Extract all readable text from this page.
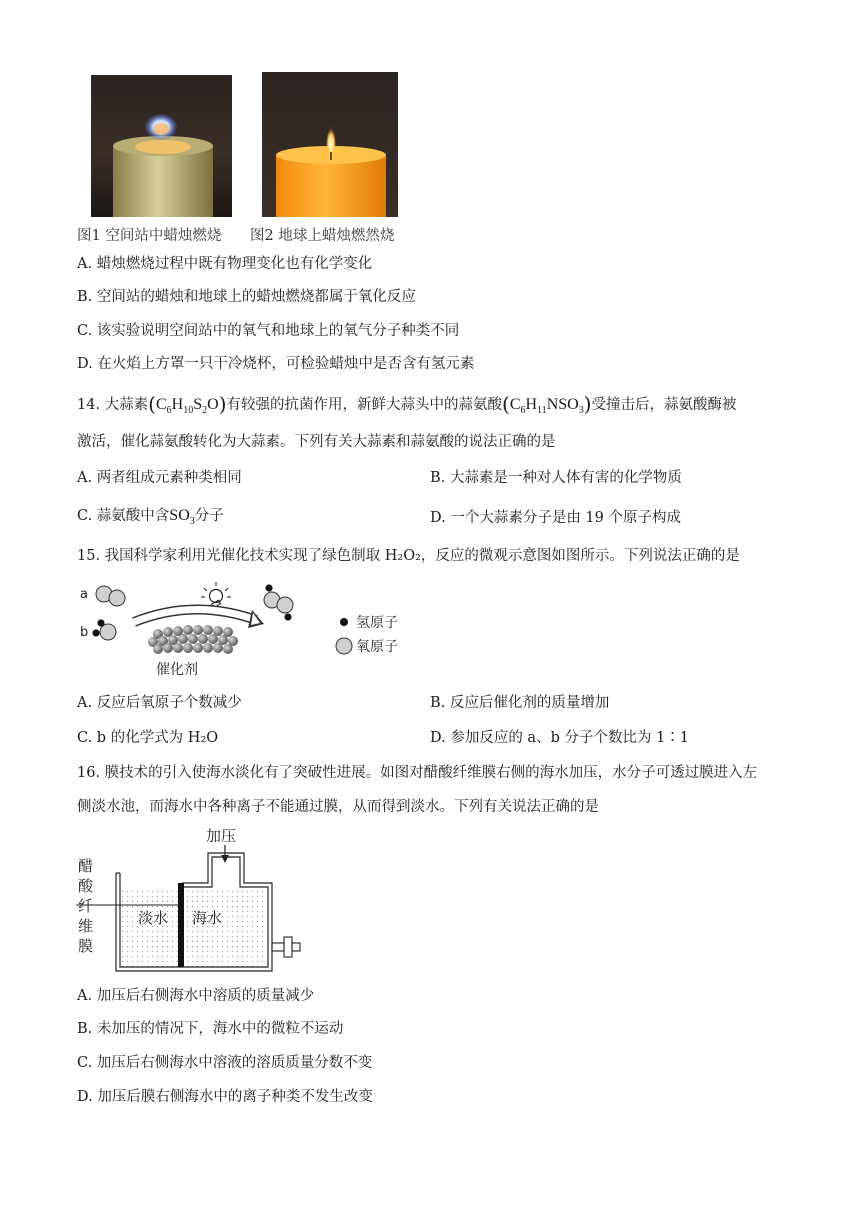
图1 空间站中蜡烛燃烧 图2 地球上蜡烛燃然烧
A. 蜡烛燃烧过程中既有物理变化也有化学变化
B. 空间站的蜡烛和地球上的蜡烛燃烧都属于氧化反应
C. 该实验说明空间站中的氧气和地球上的氧气分子种类不同
D. 在火焰上方罩一只干冷烧杯，可检验蜡烛中是否含有氢元素
14. 大蒜素$(C_6H_{10}S_2O)$有较强的抗菌作用，新鲜大蒜头中的蒜氨酸$(C_6H_{11}NSO_3)$受撞击后，蒜氨酸酶被
激活，催化蒜氨酸转化为大蒜素。下列有关大蒜素和蒜氨酸的说法正确的是
A. 两者组成元素种类相同	B. 大蒜素是一种对人体有害的化学物质
C. 蒜氨酸中含$SO_3$分子	D. 一个大蒜素分子是由 19 个原子构成
15. 我国科学家利用光催化技术实现了绿色制取 H₂O₂，反应的微观示意图如图所示。下列说法正确的是
a
b
催化剂
氢原子
氧原子
A. 反应后氧原子个数减少	B. 反应后催化剂的质量增加
C. b 的化学式为 H₂O	D. 参加反应的 a、b 分子个数比为 1∶1
16. 膜技术的引入使海水淡化有了突破性进展。如图对醋酸纤维膜右侧的海水加压，水分子可透过膜进入左
侧淡水池，而海水中各种离子不能通过膜，从而得到淡水。下列有关说法正确的是
醋
酸
纤
维
膜
加压
淡水 海水
A. 加压后右侧海水中溶质的质量减少
B. 未加压的情况下，海水中的微粒不运动
C. 加压后右侧海水中溶液的溶质质量分数不变
D. 加压后膜右侧海水中的离子种类不发生改变
